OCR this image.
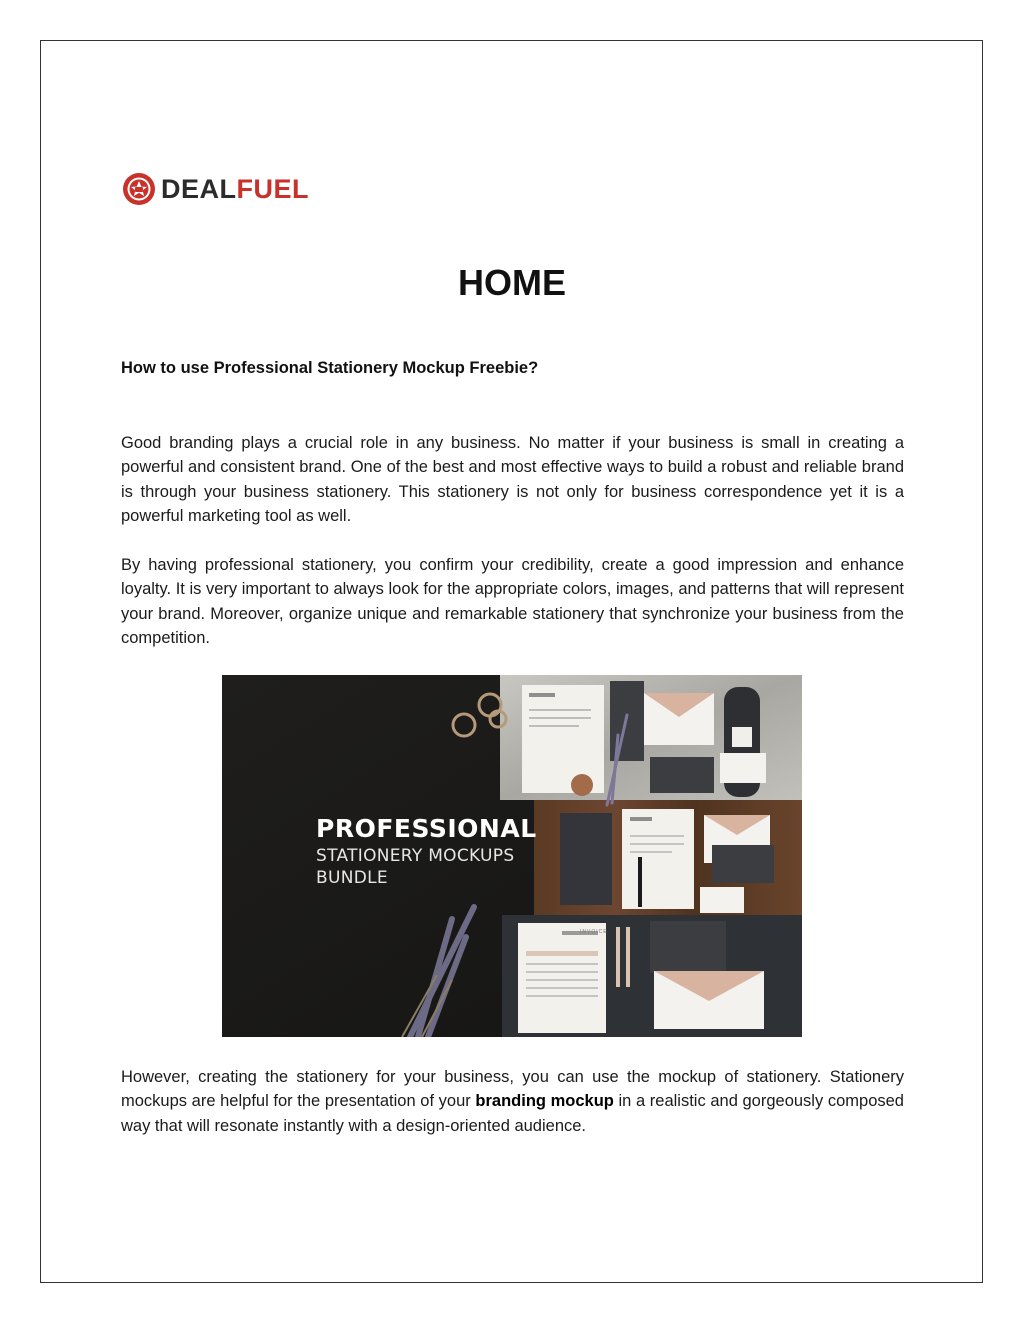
DEALFUEL
HOME
How to use Professional Stationery Mockup Freebie?

Good branding plays a crucial role in any business. No matter if your business is small in creating a powerful and consistent brand. One of the best and most effective ways to build a robust and reliable brand is through your business stationery. This stationery is not only for business correspondence yet it is a powerful marketing tool as well.

By having professional stationery, you confirm your credibility, create a good impression and enhance loyalty. It is very important to always look for the appropriate colors, images, and patterns that will represent your brand. Moreover, organize unique and remarkable stationery that synchronize your business from the competition.

PROFESSIONAL
STATIONERY MOCKUPS
BUNDLE
INVOICE

However, creating the stationery for your business, you can use the mockup of stationery. Stationery mockups are helpful for the presentation of your branding mockup in a realistic and gorgeously composed way that will resonate instantly with a design-oriented audience.
